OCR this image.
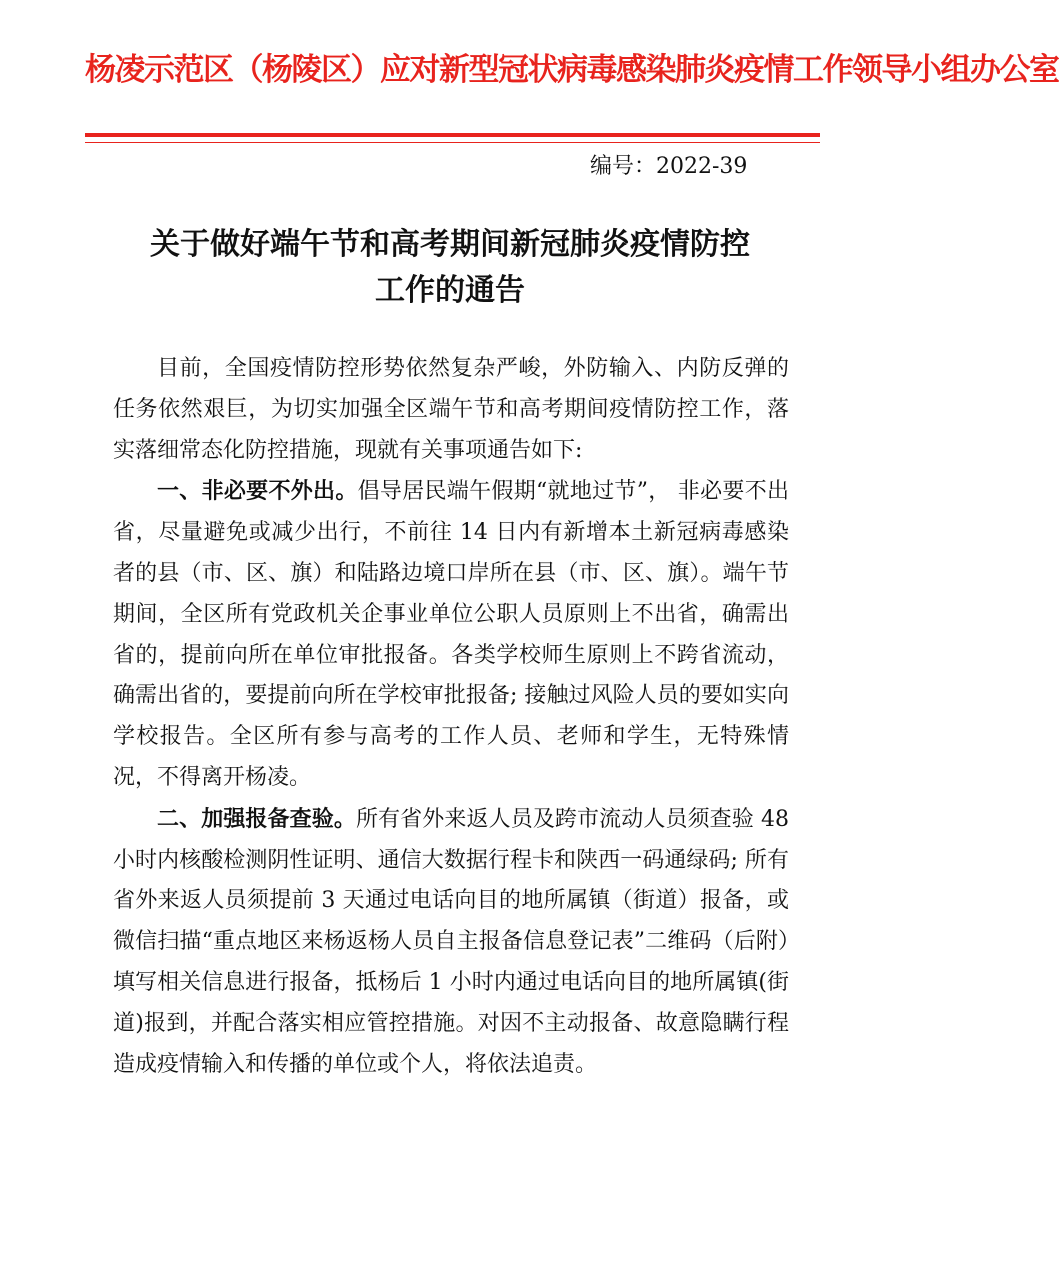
杨凌示范区（杨陵区）应对新型冠状病毒感染肺炎疫情工作领导小组办公室
编号：2022-39
关于做好端午节和高考期间新冠肺炎疫情防控
工作的通告

目前，全国疫情防控形势依然复杂严峻，外防输入、内防反弹的任务依然艰巨，为切实加强全区端午节和高考期间疫情防控工作，落实落细常态化防控措施，现就有关事项通告如下:

一、非必要不外出。倡导居民端午假期“就地过节”， 非必要不出省，尽量避免或减少出行，不前往 14 日内有新增本土新冠病毒感染者的县（市、区、旗）和陆路边境口岸所在县（市、区、旗）。端午节期间，全区所有党政机关企事业单位公职人员原则上不出省，确需出省的，提前向所在单位审批报备。各类学校师生原则上不跨省流动，确需出省的，要提前向所在学校审批报备; 接触过风险人员的要如实向学校报告。全区所有参与高考的工作人员、老师和学生，无特殊情况，不得离开杨凌。

二、加强报备查验。所有省外来返人员及跨市流动人员须查验 48 小时内核酸检测阴性证明、通信大数据行程卡和陕西一码通绿码; 所有省外来返人员须提前 3 天通过电话向目的地所属镇（街道）报备，或微信扫描“重点地区来杨返杨人员自主报备信息登记表”二维码（后附）填写相关信息进行报备，抵杨后 1 小时内通过电话向目的地所属镇(街道)报到，并配合落实相应管控措施。对因不主动报备、故意隐瞒行程造成疫情输入和传播的单位或个人，将依法追责。
